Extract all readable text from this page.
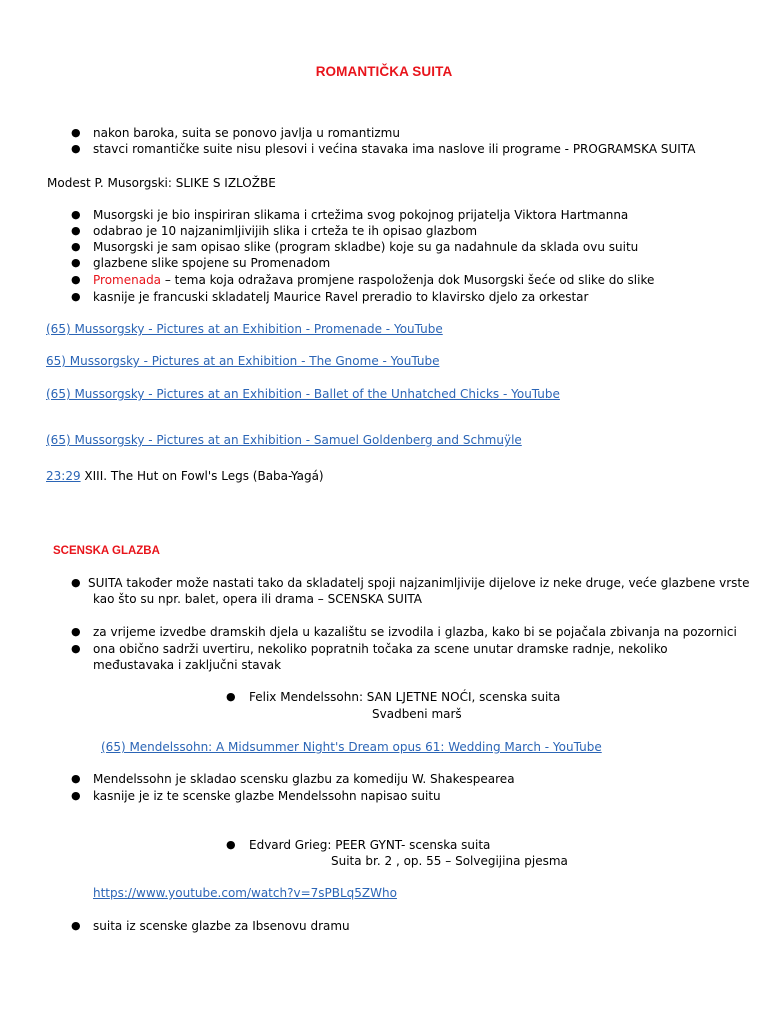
ROMANTIČKA SUITA
● nakon baroka, suita se ponovo javlja u romantizmu
● stavci romantičke suite nisu plesovi i većina stavaka ima naslove ili programe - PROGRAMSKA SUITA
Modest P. Musorgski: SLIKE S IZLOŽBE
● Musorgski je bio inspiriran slikama i crtežima svog pokojnog prijatelja Viktora Hartmanna
● odabrao je 10 najzanimljivijih slika i crteža te ih opisao glazbom
● Musorgski je sam opisao slike (program skladbe) koje su ga nadahnule da sklada ovu suitu
● glazbene slike spojene su Promenadom
● Promenada – tema koja odražava promjene raspoloženja dok Musorgski šeće od slike do slike
● kasnije je francuski skladatelj Maurice Ravel preradio to klavirsko djelo za orkestar
(65) Mussorgsky - Pictures at an Exhibition - Promenade - YouTube
65) Mussorgsky - Pictures at an Exhibition - The Gnome - YouTube
(65) Mussorgsky - Pictures at an Exhibition - Ballet of the Unhatched Chicks - YouTube
(65) Mussorgsky - Pictures at an Exhibition - Samuel Goldenberg and Schmuÿle
23:29 XIII. The Hut on Fowl's Legs (Baba-Yagá)
SCENSKA GLAZBA
● SUITA također može nastati tako da skladatelj spoji najzanimljivije dijelove iz neke druge, veće glazbene vrste
kao što su npr. balet, opera ili drama – SCENSKA SUITA
● za vrijeme izvedbe dramskih djela u kazalištu se izvodila i glazba, kako bi se pojačala zbivanja na pozornici
● ona obično sadrži uvertiru, nekoliko popratnih točaka za scene unutar dramske radnje, nekoliko
međustavaka i zaključni stavak
● Felix Mendelssohn: SAN LJETNE NOĆI, scenska suita
Svadbeni marš
(65) Mendelssohn: A Midsummer Night's Dream opus 61: Wedding March - YouTube
● Mendelssohn je skladao scensku glazbu za komediju W. Shakespearea
● kasnije je iz te scenske glazbe Mendelssohn napisao suitu
● Edvard Grieg: PEER GYNT- scenska suita
Suita br. 2 , op. 55 – Solvegijina pjesma
https://www.youtube.com/watch?v=7sPBLq5ZWho
● suita iz scenske glazbe za Ibsenovu dramu
